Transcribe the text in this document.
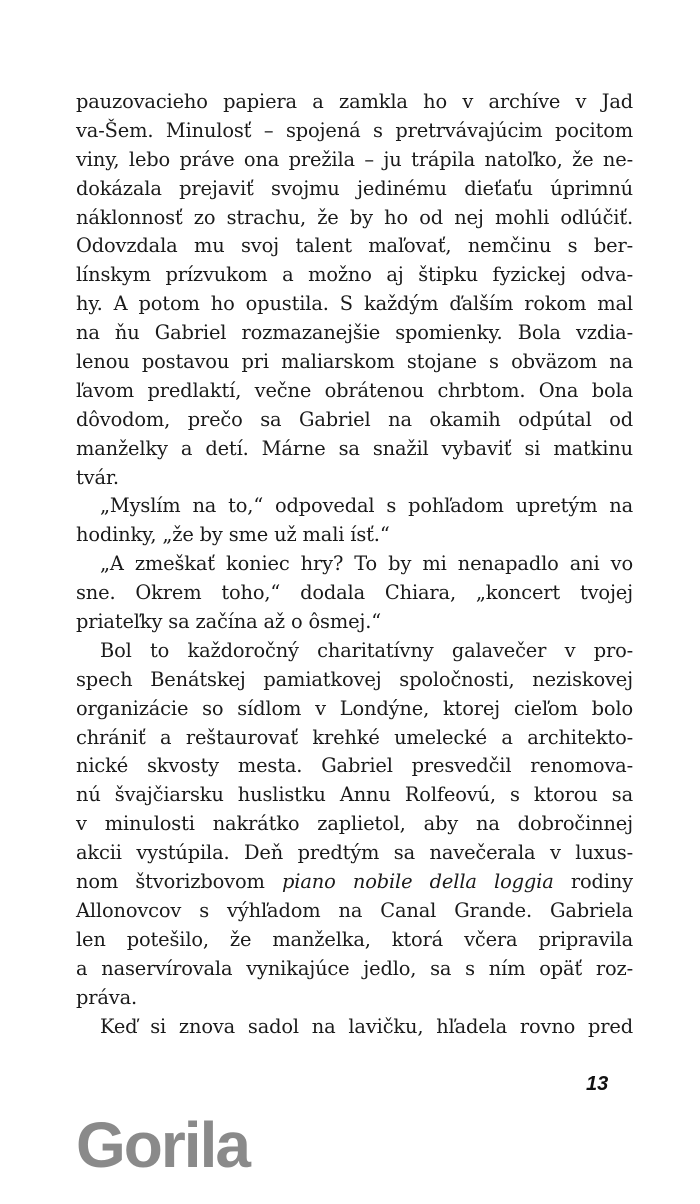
pauzovacieho papiera a zamkla ho v archíve v Jad
va-Šem. Minulosť – spojená s pretrvávajúcim pocitom
viny, lebo práve ona prežila – ju trápila natoľko, že ne-
dokázala prejaviť svojmu jedinému dieťaťu úprimnú
náklonnosť zo strachu, že by ho od nej mohli odlúčiť.
Odovzdala mu svoj talent maľovať, nemčinu s ber-
línskym prízvukom a možno aj štipku fyzickej odva-
hy. A potom ho opustila. S každým ďalším rokom mal
na ňu Gabriel rozmazanejšie spomienky. Bola vzdia-
lenou postavou pri maliarskom stojane s obväzom na
ľavom predlaktí, večne obrátenou chrbtom. Ona bola
dôvodom, prečo sa Gabriel na okamih odpútal od
manželky a detí. Márne sa snažil vybaviť si matkinu
tvár.
„Myslím na to,“ odpovedal s pohľadom upretým na
hodinky, „že by sme už mali ísť.“
„A zmeškať koniec hry? To by mi nenapadlo ani vo
sne. Okrem toho,“ dodala Chiara, „koncert tvojej
priateľky sa začína až o ôsmej.“
Bol to každoročný charitatívny galavečer v pro-
spech Benátskej pamiatkovej spoločnosti, neziskovej
organizácie so sídlom v Londýne, ktorej cieľom bolo
chrániť a reštaurovať krehké umelecké a architekto-
nické skvosty mesta. Gabriel presvedčil renomova-
nú švajčiarsku huslistku Annu Rolfeovú, s ktorou sa
v minulosti nakrátko zaplietol, aby na dobročinnej
akcii vystúpila. Deň predtým sa navečerala v luxus-
nom štvorizbovom piano nobile della loggia rodiny
Allonovcov s výhľadom na Canal Grande. Gabriela
len potešilo, že manželka, ktorá včera pripravila
a naservírovala vynikajúce jedlo, sa s ním opäť roz-
práva.
Keď si znova sadol na lavičku, hľadela rovno pred
13
Gorila
